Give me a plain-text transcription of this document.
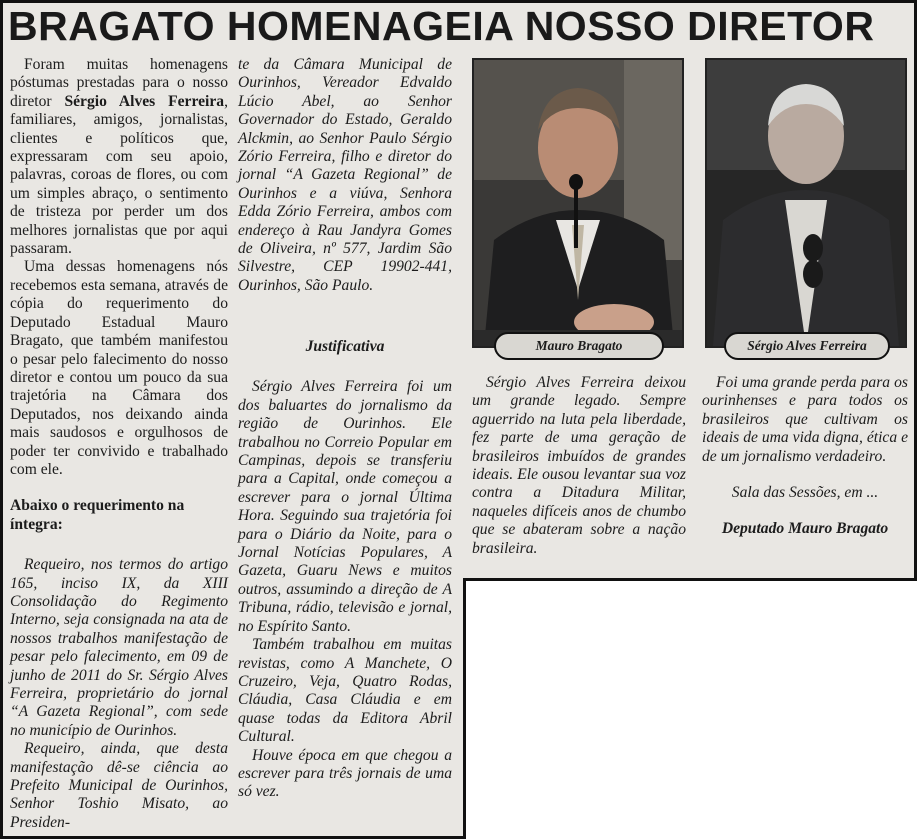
BRAGATO HOMENAGEIA NOSSO DIRETOR

Foram muitas homenagens póstumas prestadas para o nosso diretor Sérgio Alves Ferreira, familiares, amigos, jornalistas, clientes e políticos que, expressaram com seu apoio, palavras, coroas de flores, ou com um simples abraço, o sentimento de tristeza por perder um dos melhores jornalistas que por aqui passaram.

Uma dessas homenagens nós recebemos esta semana, através de cópia do requerimento do Deputado Estadual Mauro Bragato, que também manifestou o pesar pelo falecimento do nosso diretor e contou um pouco da sua trajetória na Câmara dos Deputados, nos deixando ainda mais saudosos e orgulhosos de poder ter convivido e trabalhado com ele.

Abaixo o requerimento na íntegra:

Requeiro, nos termos do artigo 165, inciso IX, da XIII Consolidação do Regimento Interno, seja consignada na ata de nossos trabalhos manifestação de pesar pelo falecimento, em 09 de junho de 2011 do Sr. Sérgio Alves Ferreira, proprietário do jornal “A Gazeta Regional”, com sede no município de Ourinhos.

Requeiro, ainda, que desta manifestação dê-se ciência ao Prefeito Municipal de Ourinhos, Senhor Toshio Misato, ao Presiden-

te da Câmara Municipal de Ourinhos, Vereador Edvaldo Lúcio Abel, ao Senhor Governador do Estado, Geraldo Alckmin, ao Senhor Paulo Sérgio Zório Ferreira, filho e diretor do jornal “A Gazeta Regional” de Ourinhos e a viúva, Senhora Edda Zório Ferreira, ambos com endereço à Rau Jandyra Gomes de Oliveira, nº 577, Jardim São Silvestre, CEP 19902-441, Ourinhos, São Paulo.

Justificativa

Sérgio Alves Ferreira foi um dos baluartes do jornalismo da região de Ourinhos. Ele trabalhou no Correio Popular em Campinas, depois se transferiu para a Capital, onde começou a escrever para o jornal Última Hora. Seguindo sua trajetória foi para o Diário da Noite, para o Jornal Notícias Populares, A Gazeta, Guaru News e muitos outros, assumindo a direção de A Tribuna, rádio, televisão e jornal, no Espírito Santo.

Também trabalhou em muitas revistas, como A Manchete, O Cruzeiro, Veja, Quatro Rodas, Cláudia, Casa Cláudia e em quase todas da Editora Abril Cultural.

Houve época em que chegou a escrever para três jornais de uma só vez.

Mauro Bragato	Sérgio Alves Ferreira

Sérgio Alves Ferreira deixou um grande legado. Sempre aguerrido na luta pela liberdade, fez parte de uma geração de brasileiros imbuídos de grandes ideais. Ele ousou levantar sua voz contra a Ditadura Militar, naqueles difíceis anos de chumbo que se abateram sobre a nação brasileira.

Foi uma grande perda para os ourinhenses e para todos os brasileiros que cultivam os ideais de uma vida digna, ética e de um jornalismo verdadeiro.

Sala das Sessões, em ...

Deputado Mauro Bragato
